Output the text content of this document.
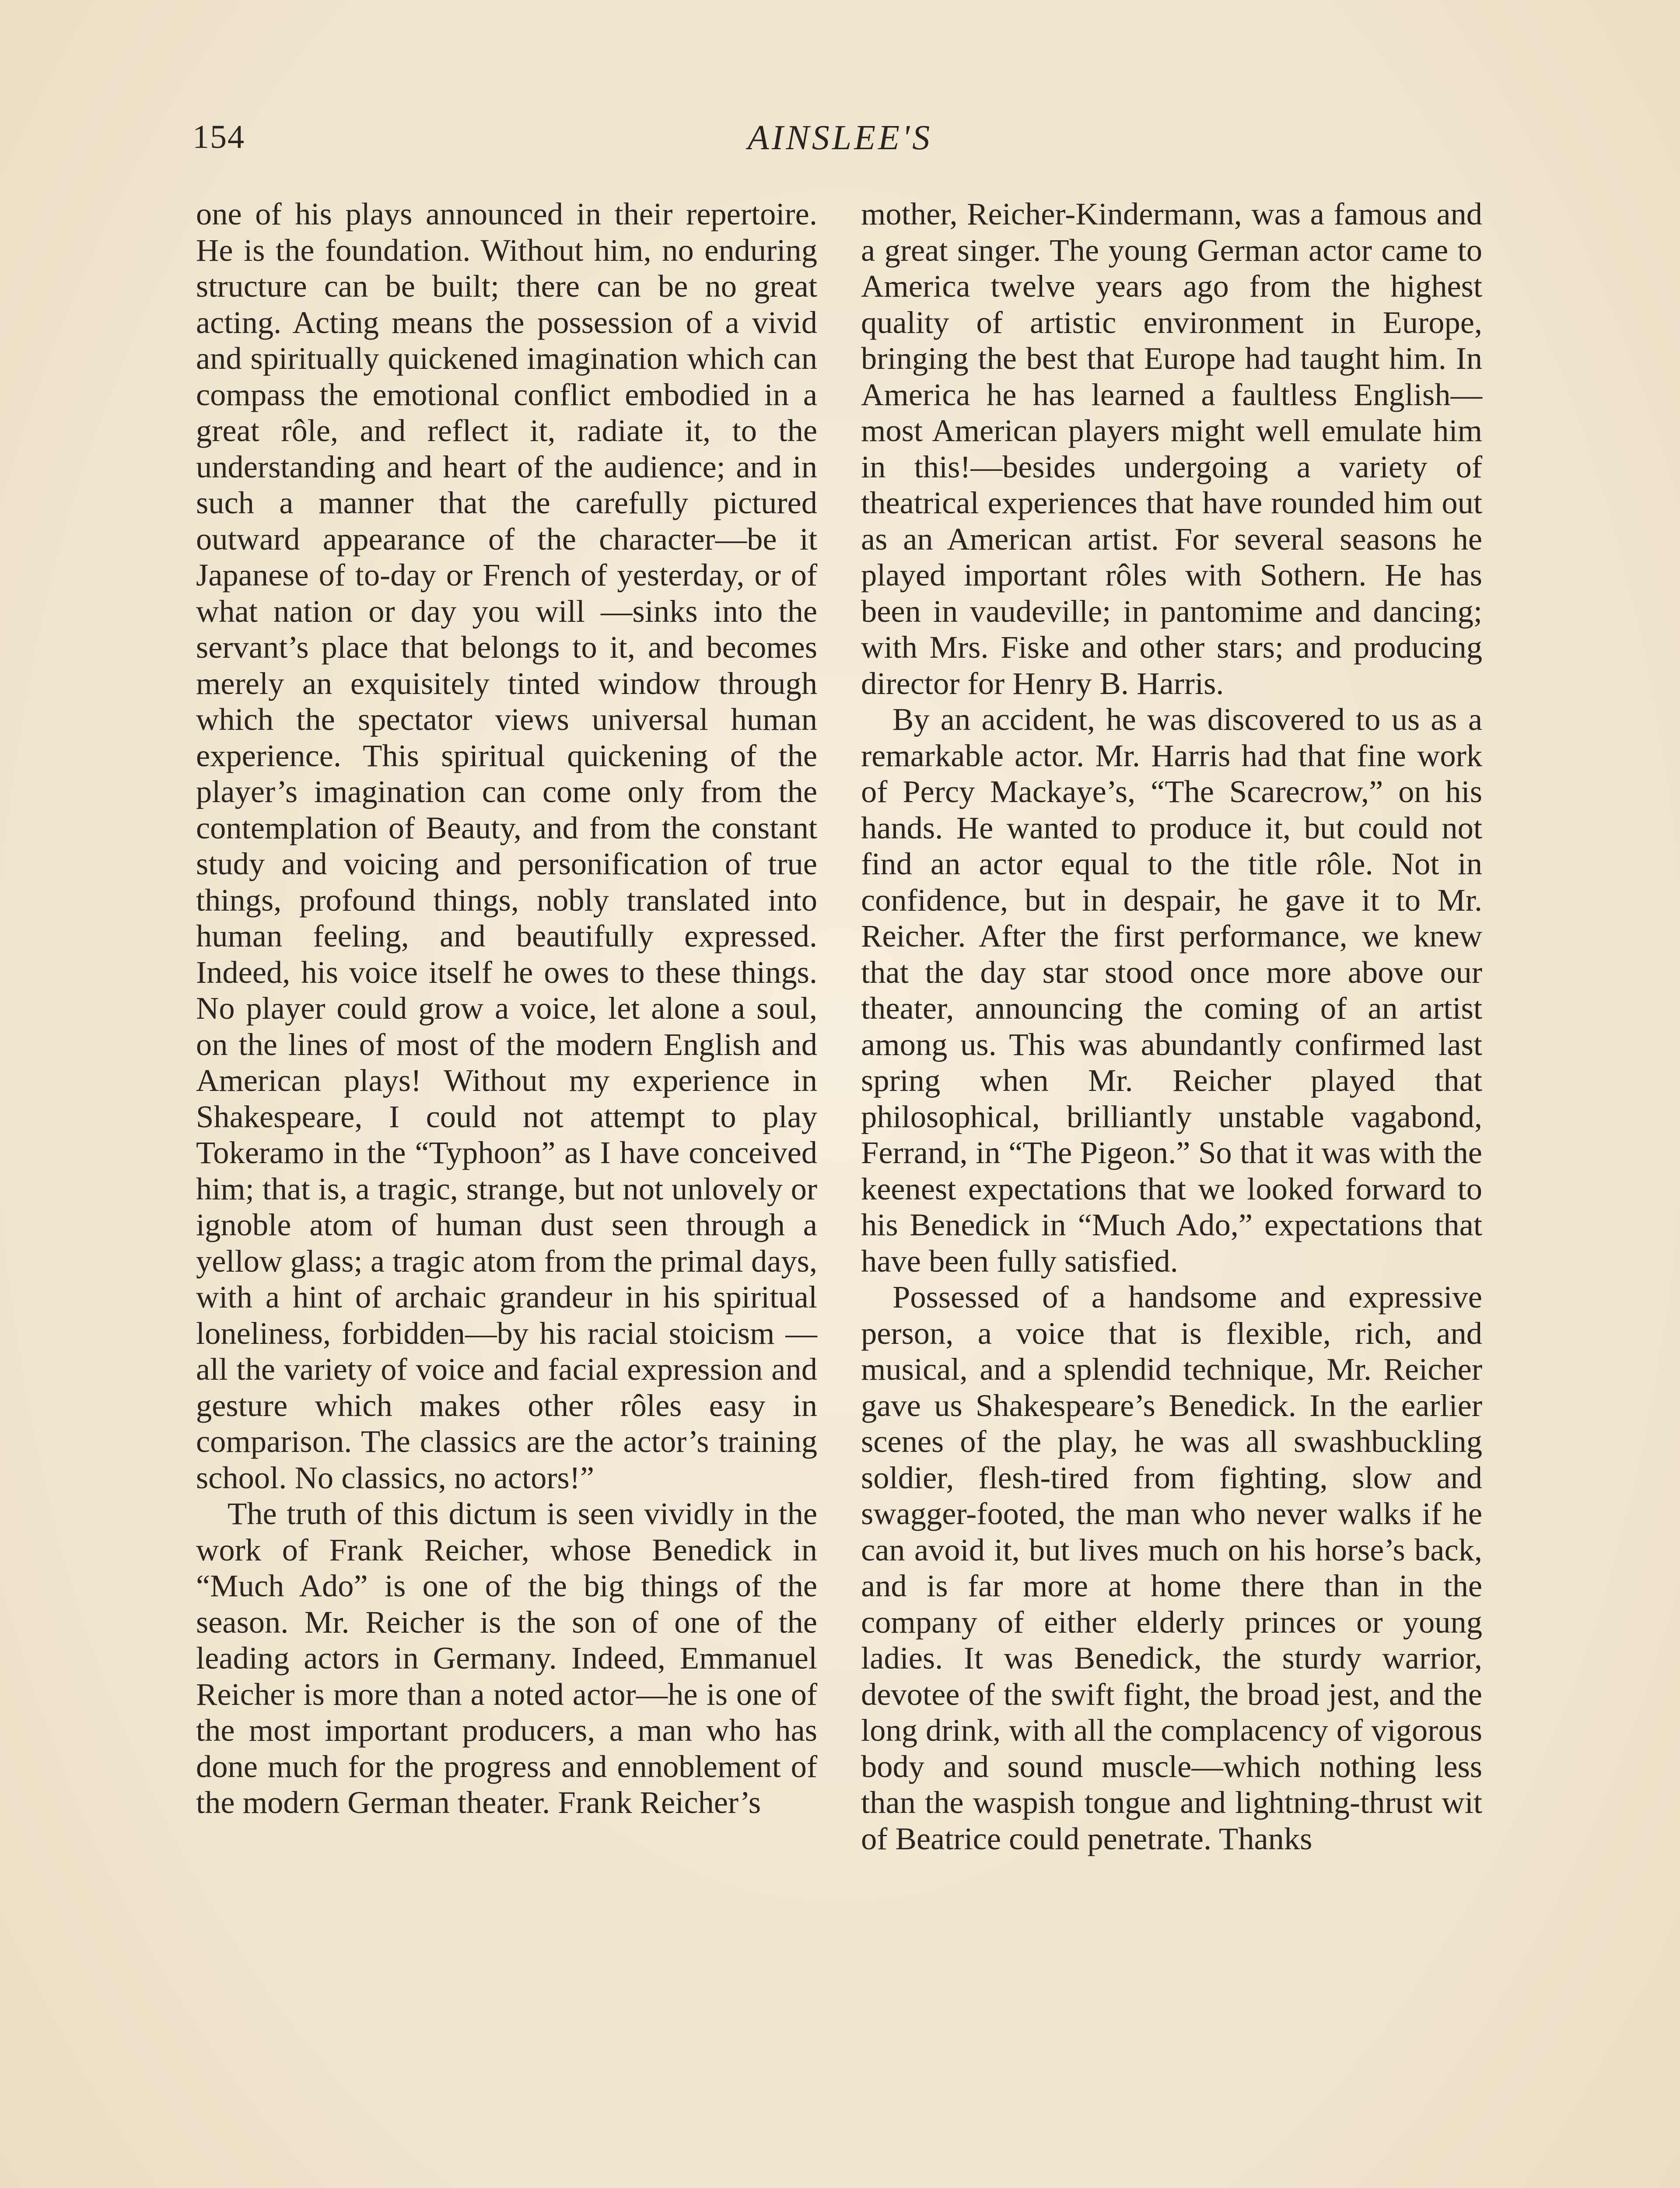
154	AINSLEE'S

one of his plays announced in their repertoire. He is the foundation. Without him, no enduring structure can be built; there can be no great acting. Acting means the possession of a vivid and spiritually quickened imagination which can compass the emotional conflict embodied in a great rôle, and reflect it, radiate it, to the understanding and heart of the audience; and in such a manner that the carefully pictured outward appearance of the character—be it Japanese of to-day or French of yesterday, or of what nation or day you will —sinks into the servant’s place that belongs to it, and becomes merely an exquisitely tinted window through which the spectator views universal human experience. This spiritual quickening of the player’s imagination can come only from the contemplation of Beauty, and from the constant study and voicing and personification of true things, profound things, nobly translated into human feeling, and beautifully expressed. Indeed, his voice itself he owes to these things. No player could grow a voice, let alone a soul, on the lines of most of the modern English and American plays! Without my experience in Shakespeare, I could not attempt to play Tokeramo in the “Typhoon” as I have conceived him; that is, a tragic, strange, but not unlovely or ignoble atom of human dust seen through a yellow glass; a tragic atom from the primal days, with a hint of archaic grandeur in his spiritual loneliness, forbidden—by his racial stoicism —all the variety of voice and facial expression and gesture which makes other rôles easy in comparison. The classics are the actor’s training school. No classics, no actors!”

The truth of this dictum is seen vividly in the work of Frank Reicher, whose Benedick in “Much Ado” is one of the big things of the season. Mr. Reicher is the son of one of the leading actors in Germany. Indeed, Emmanuel Reicher is more than a noted actor—he is one of the most important producers, a man who has done much for the progress and ennoblement of the modern German theater. Frank Reicher’s

mother, Reicher-Kindermann, was a famous and a great singer. The young German actor came to America twelve years ago from the highest quality of artistic environment in Europe, bringing the best that Europe had taught him. In America he has learned a faultless English—most American players might well emulate him in this!—besides undergoing a variety of theatrical experiences that have rounded him out as an American artist. For several seasons he played important rôles with Sothern. He has been in vaudeville; in pantomime and dancing; with Mrs. Fiske and other stars; and producing director for Henry B. Harris.

By an accident, he was discovered to us as a remarkable actor. Mr. Harris had that fine work of Percy Mackaye’s, “The Scarecrow,” on his hands. He wanted to produce it, but could not find an actor equal to the title rôle. Not in confidence, but in despair, he gave it to Mr. Reicher. After the first performance, we knew that the day star stood once more above our theater, announcing the coming of an artist among us. This was abundantly confirmed last spring when Mr. Reicher played that philosophical, brilliantly unstable vagabond, Ferrand, in “The Pigeon.” So that it was with the keenest expectations that we looked forward to his Benedick in “Much Ado,” expectations that have been fully satisfied.

Possessed of a handsome and expressive person, a voice that is flexible, rich, and musical, and a splendid technique, Mr. Reicher gave us Shakespeare’s Benedick. In the earlier scenes of the play, he was all swashbuckling soldier, flesh-tired from fighting, slow and swagger-footed, the man who never walks if he can avoid it, but lives much on his horse’s back, and is far more at home there than in the company of either elderly princes or young ladies. It was Benedick, the sturdy warrior, devotee of the swift fight, the broad jest, and the long drink, with all the complacency of vigorous body and sound muscle—which nothing less than the waspish tongue and lightning-thrust wit of Beatrice could penetrate. Thanks
